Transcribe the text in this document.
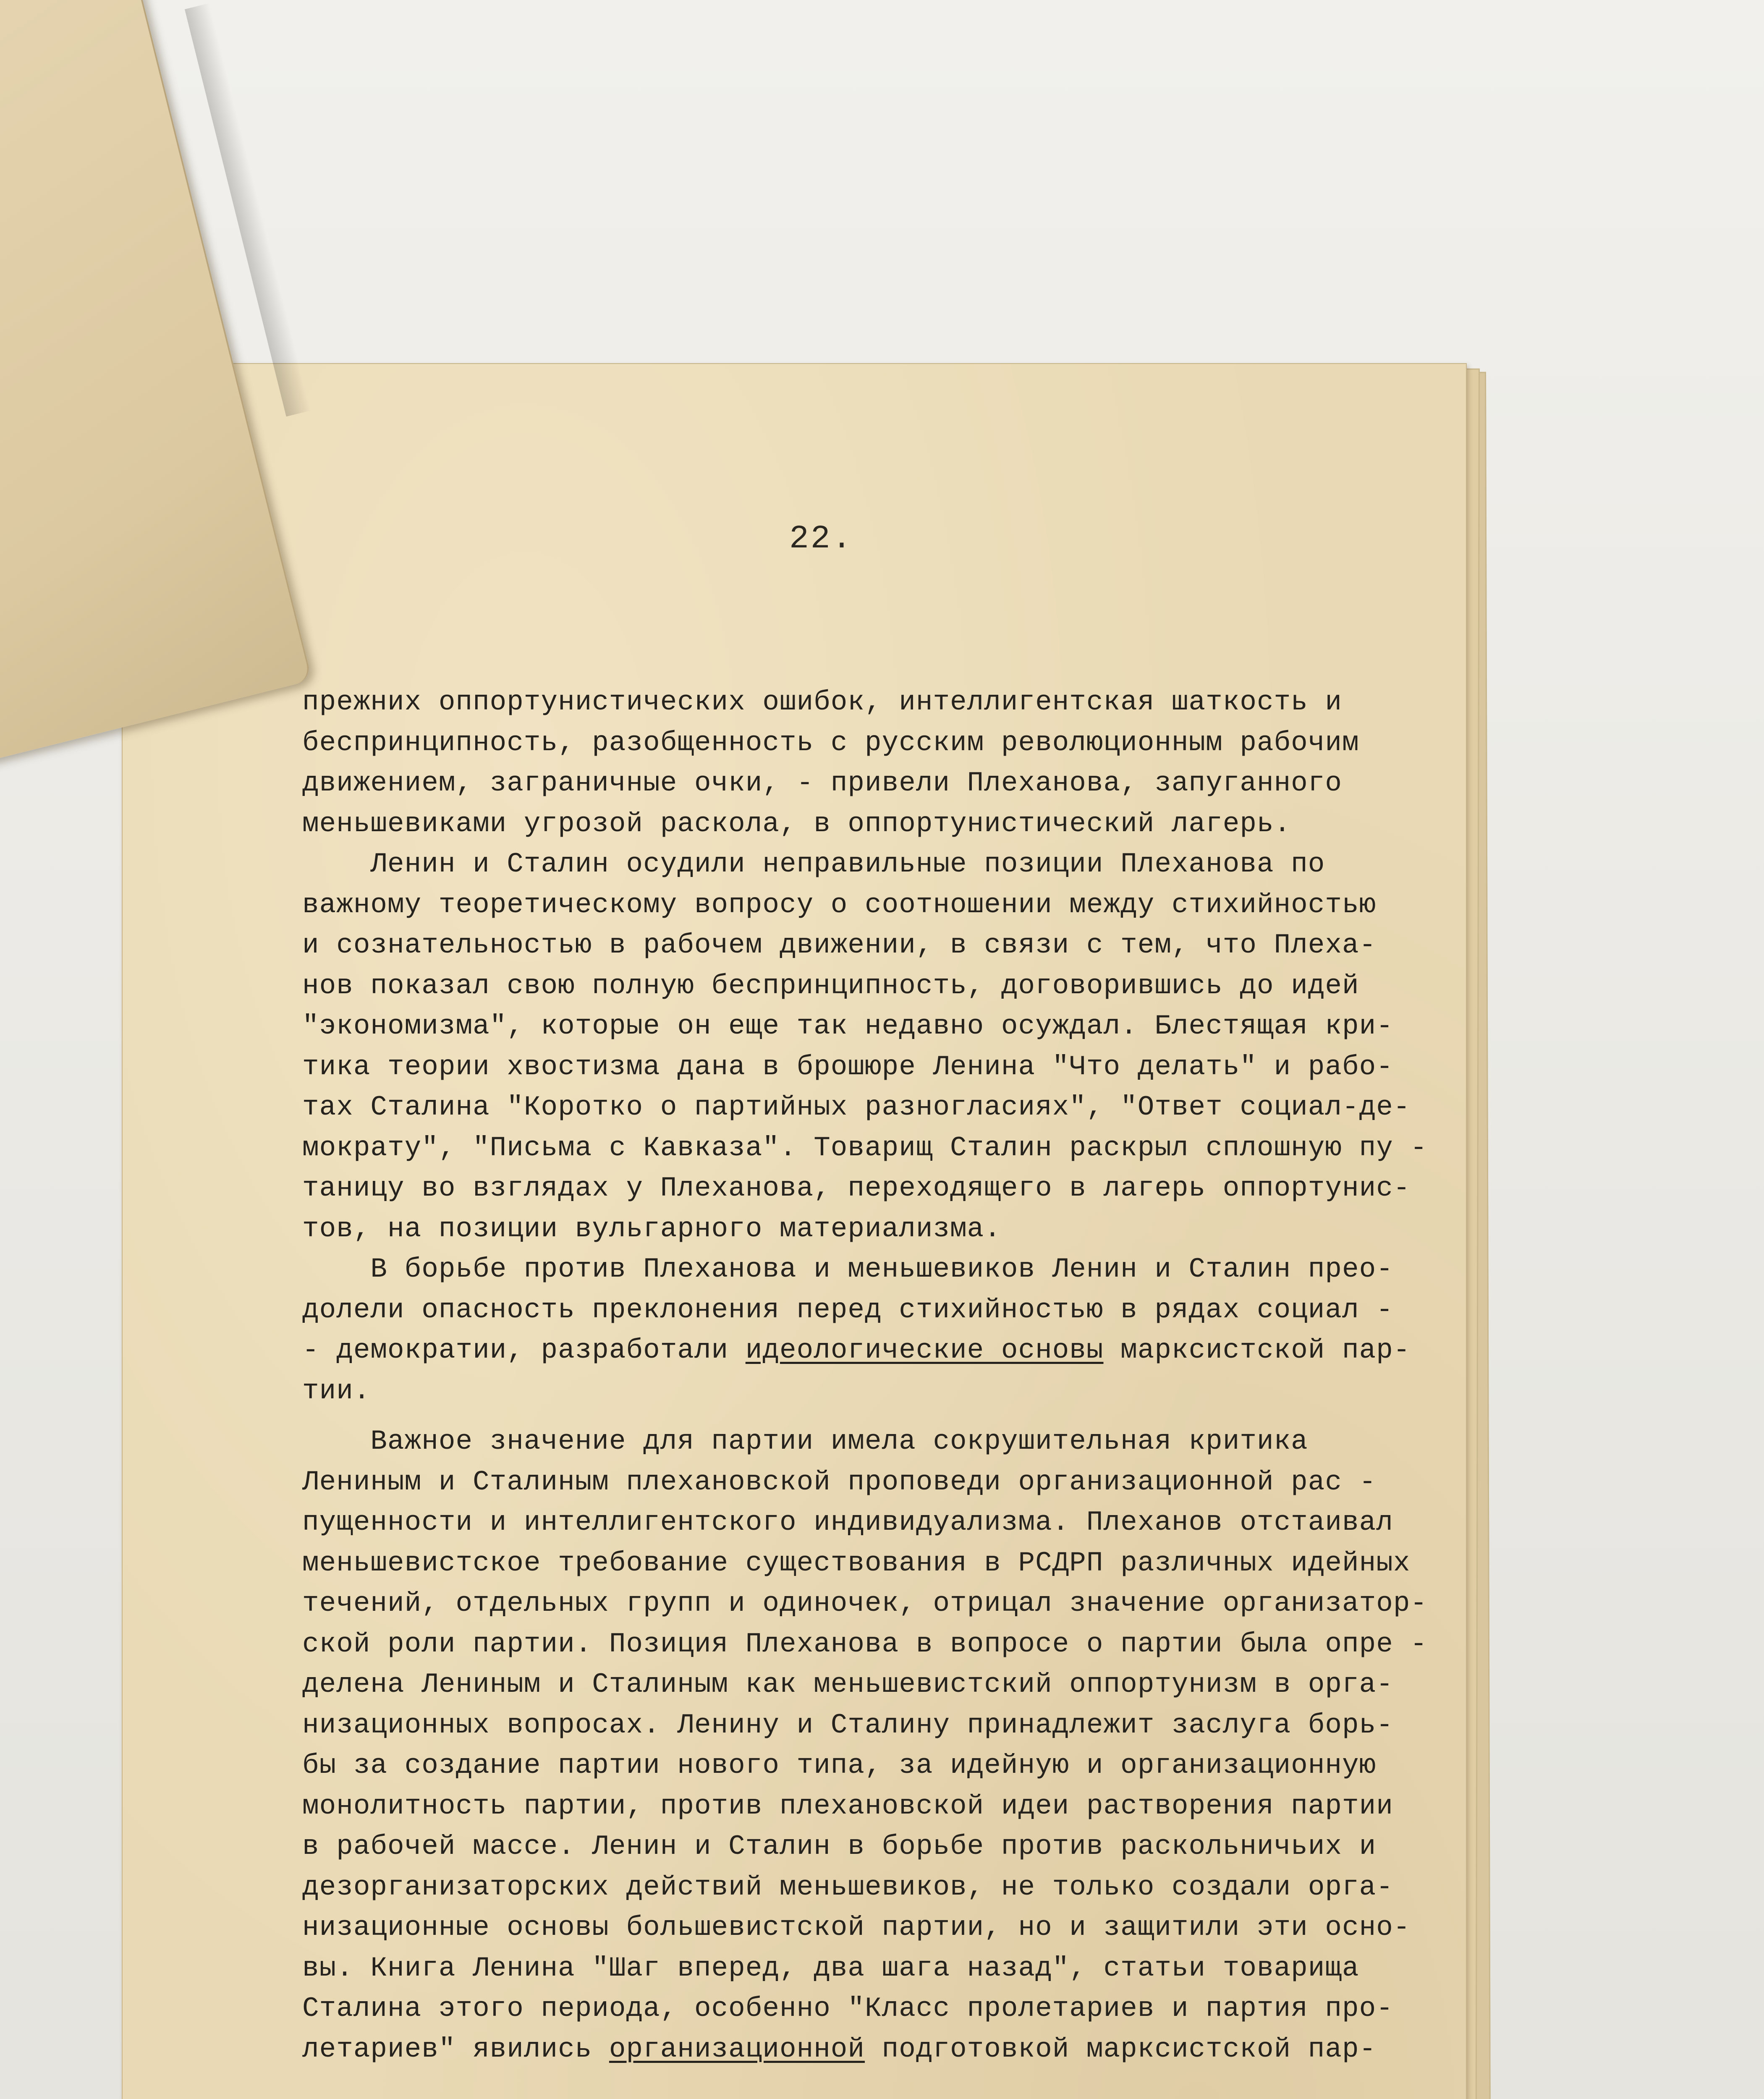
22.
прежних оппортунистических ошибок, интеллигентская шаткость и
беспринципность, разобщенность с русским революционным рабочим
движением, заграничные очки, - привели Плеханова, запуганного
меньшевиками угрозой раскола, в оппортунистический лагерь.
Ленин и Сталин осудили неправильные позиции Плеханова по
важному теоретическому вопросу о соотношении между стихийностью
и сознательностью в рабочем движении, в связи с тем, что Плеха-
нов показал свою полную беспринципность, договорившись до идей
"экономизма", которые он еще так недавно осуждал. Блестящая кри-
тика теории хвостизма дана в брошюре Ленина "Что делать" и рабо-
тах Сталина "Коротко о партийных разногласиях", "Ответ социал-де-
мократу", "Письма с Кавказа". Товарищ Сталин раскрыл сплошную пу -
таницу во взглядах у Плеханова, переходящего в лагерь оппортунис-
тов, на позиции вульгарного материализма.
В борьбе против Плеханова и меньшевиков Ленин и Сталин прео-
долели опасность преклонения перед стихийностью в рядах социал -
- демократии, разработали идеологические основы марксистской пар-
тии.
Важное значение для партии имела сокрушительная критика
Лениным и Сталиным плехановской проповеди организационной рас -
пущенности и интеллигентского индивидуализма. Плеханов отстаивал
меньшевистское требование существования в РСДРП различных идейных
течений, отдельных групп и одиночек, отрицал значение организатор-
ской роли партии. Позиция Плеханова в вопросе о партии была опре -
делена Лениным и Сталиным как меньшевистский оппортунизм в орга-
низационных вопросах. Ленину и Сталину принадлежит заслуга борь-
бы за создание партии нового типа, за идейную и организационную
монолитность партии, против плехановской идеи растворения партии
в рабочей массе. Ленин и Сталин в борьбе против раскольничьих и
дезорганизаторских действий меньшевиков, не только создали орга-
низационные основы большевистской партии, но и защитили эти осно-
вы. Книга Ленина "Шаг вперед, два шага назад", статьи товарища
Сталина этого периода, особенно "Класс пролетариев и партия про-
летариев" явились организационной подготовкой марксистской пар-
